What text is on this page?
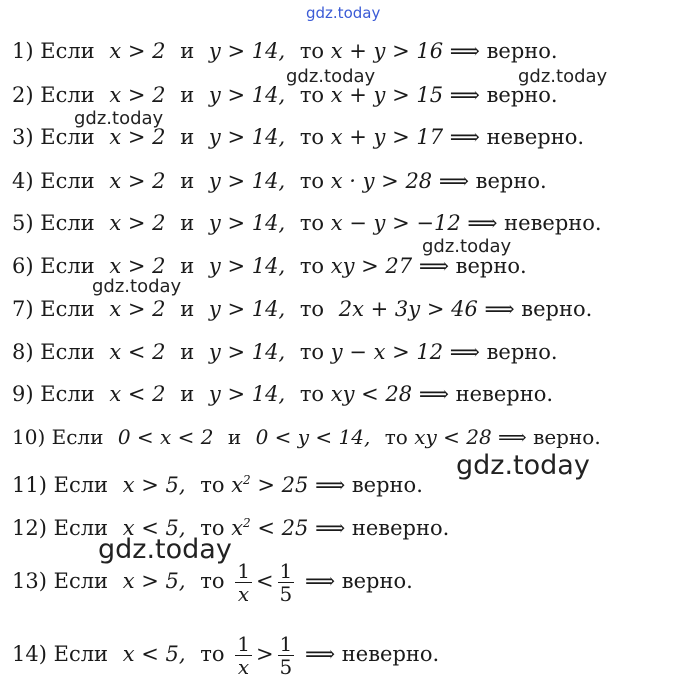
gdz.today
1) Если x > 2 и y > 14, то x + y > 16 ⟹ верно.
2) Если x > 2 и y > 14, то x + y > 15 ⟹ верно.
3) Если x > 2 и y > 14, то x + y > 17 ⟹ неверно.
4) Если x > 2 и y > 14, то x · y > 28 ⟹ верно.
5) Если x > 2 и y > 14, то x − y > −12 ⟹ неверно.
6) Если x > 2 и y > 14, то xy > 27 ⟹ верно.
7) Если x > 2 и y > 14, то 2x + 3y > 46 ⟹ верно.
8) Если x < 2 и y > 14, то y − x > 12 ⟹ верно.
9) Если x < 2 и y > 14, то xy < 28 ⟹ неверно.
10) Если 0 < x < 2 и 0 < y < 14, то xy < 28 ⟹ верно.
11) Если x > 5, то $x^2 > 25$ ⟹ верно.
12) Если x < 5, то $x^2 < 25$ ⟹ неверно.
13) Если x > 5, то $\frac{1}{x} < \frac{1}{5}$ ⟹ верно.
14) Если x < 5, то $\frac{1}{x} > \frac{1}{5}$ ⟹ неверно.
gdz.today	gdz.today
gdz.today
gdz.today
gdz.today
gdz.today
gdz.today
